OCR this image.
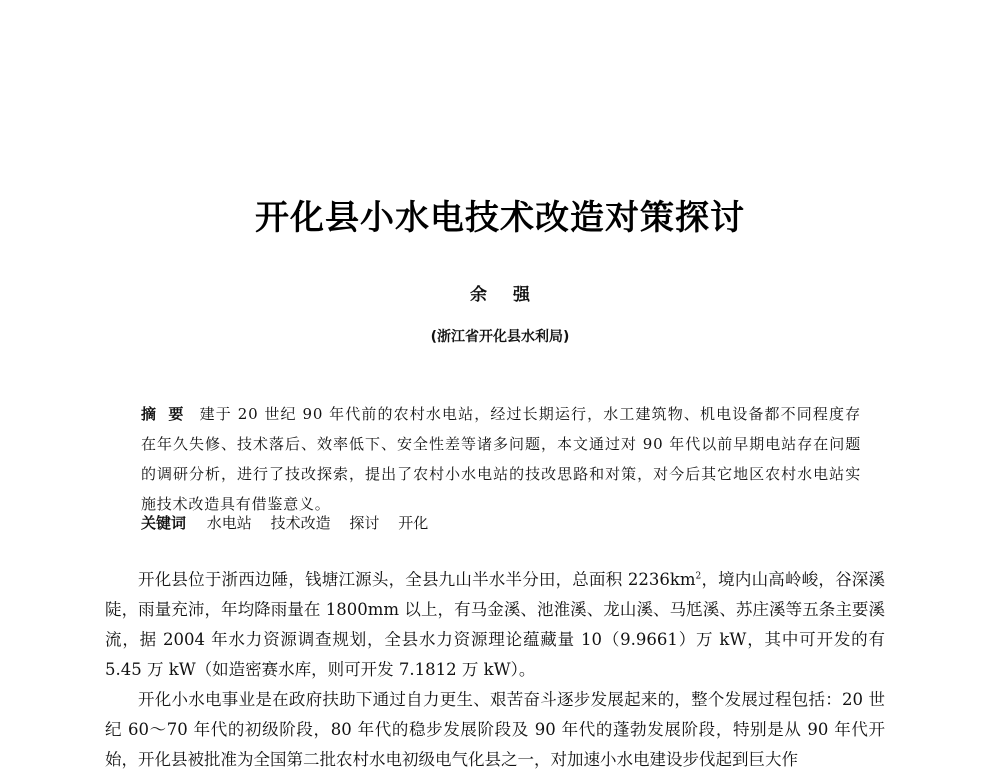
开化县小水电技术改造对策探讨
余强
(浙江省开化县水利局)

摘要 建于 20 世纪 90 年代前的农村水电站，经过长期运行，水工建筑物、机电设备都不同程度存在年久失修、技术落后、效率低下、安全性差等诸多问题，本文通过对 90 年代以前早期电站存在问题的调研分析，进行了技改探索，提出了农村小水电站的技改思路和对策，对今后其它地区农村水电站实施技术改造具有借鉴意义。

关键词 水电站 技术改造 探讨 开化

开化县位于浙西边陲，钱塘江源头，全县九山半水半分田，总面积 $2236km^2$，境内山高岭峻，谷深溪陡，雨量充沛，年均降雨量在 1800mm 以上，有马金溪、池淮溪、龙山溪、马尪溪、苏庄溪等五条主要溪流，据 2004 年水力资源调查规划，全县水力资源理论蕴藏量 10（9.9661）万 kW，其中可开发的有 5.45 万 kW（如造密赛水库，则可开发 7.1812 万 kW）。

开化小水电事业是在政府扶助下通过自力更生、艰苦奋斗逐步发展起来的，整个发展过程包括：20 世纪 60～70 年代的初级阶段，80 年代的稳步发展阶段及 90 年代的蓬勃发展阶段，特别是从 90 年代开始，开化县被批准为全国第二批农村水电初级电气化县之一，对加速小水电建设步伐起到巨大作
